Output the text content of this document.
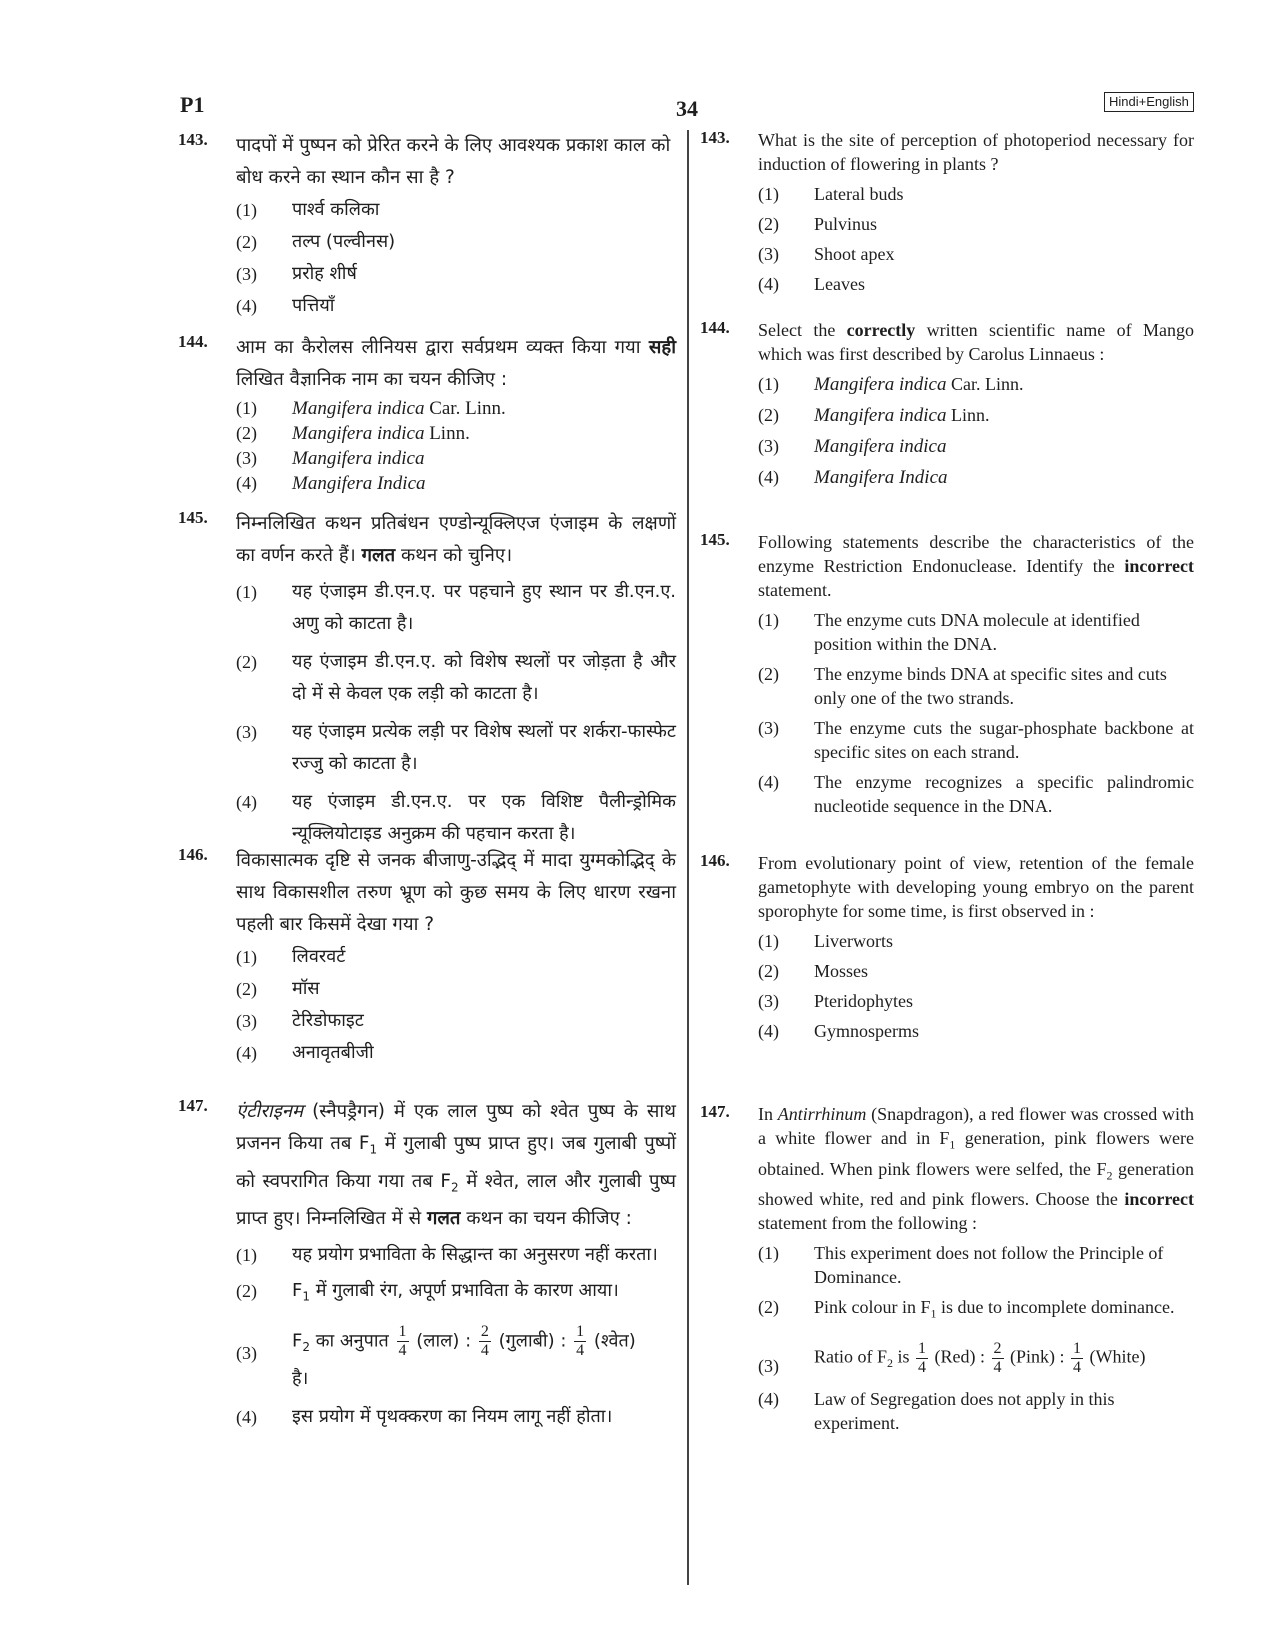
P1	34	Hindi+English
143. पादपों में पुष्पन को प्रेरित करने के लिए आवश्यक प्रकाश काल को बोध करने का स्थान कौन सा है ?
(1) पार्श्व कलिका
(2) तल्प (पल्वीनस)
(3) प्ररोह शीर्ष
(4) पत्तियाँ
144. आम का कैरोलस लीनियस द्वारा सर्वप्रथम व्यक्त किया गया सही लिखित वैज्ञानिक नाम का चयन कीजिए :
(1) Mangifera indica Car. Linn.
(2) Mangifera indica Linn.
(3) Mangifera indica
(4) Mangifera Indica
145. निम्नलिखित कथन प्रतिबंधन एण्डोन्यूक्लिएज एंजाइम के लक्षणों का वर्णन करते हैं। गलत कथन को चुनिए।
(1) यह एंजाइम डी.एन.ए. पर पहचाने हुए स्थान पर डी.एन.ए. अणु को काटता है।
(2) यह एंजाइम डी.एन.ए. को विशेष स्थलों पर जोड़ता है और दो में से केवल एक लड़ी को काटता है।
(3) यह एंजाइम प्रत्येक लड़ी पर विशेष स्थलों पर शर्करा-फास्फेट रज्जु को काटता है।
(4) यह एंजाइम डी.एन.ए. पर एक विशिष्ट पैलीन्ड्रोमिक न्यूक्लियोटाइड अनुक्रम की पहचान करता है।
146. विकासात्मक दृष्टि से जनक बीजाणु-उद्भिद् में मादा युग्मकोद्भिद् के साथ विकासशील तरुण भ्रूण को कुछ समय के लिए धारण रखना पहली बार किसमें देखा गया ?
(1) लिवरवर्ट
(2) मॉस
(3) टेरिडोफाइट
(4) अनावृतबीजी
147. एंटीराइनम (स्नैपड्रैगन) में एक लाल पुष्प को श्वेत पुष्प के साथ प्रजनन किया तब $F_1$ में गुलाबी पुष्प प्राप्त हुए। जब गुलाबी पुष्पों को स्वपरागित किया गया तब $F_2$ में श्वेत, लाल और गुलाबी पुष्प प्राप्त हुए। निम्नलिखित में से गलत कथन का चयन कीजिए :
(1) यह प्रयोग प्रभाविता के सिद्धान्त का अनुसरण नहीं करता।
(2) $F_1$ में गुलाबी रंग, अपूर्ण प्रभाविता के कारण आया।
(3)
$F_2$ का अनुपात $\frac{1}{4}$ (लाल) : $\frac{2}{4}$ (गुलाबी) : $\frac{1}{4}$ (श्वेत)
है।
(4) इस प्रयोग में पृथक्करण का नियम लागू नहीं होता।
143. What is the site of perception of photoperiod necessary for induction of flowering in plants ?
(1) Lateral buds
(2) Pulvinus
(3) Shoot apex
(4) Leaves
144. Select the correctly written scientific name of Mango which was first described by Carolus Linnaeus :
(1) Mangifera indica Car. Linn.
(2) Mangifera indica Linn.
(3) Mangifera indica
(4) Mangifera Indica
145. Following statements describe the characteristics of the enzyme Restriction Endonuclease. Identify the incorrect statement.
(1) The enzyme cuts DNA molecule at identified position within the DNA.
(2) The enzyme binds DNA at specific sites and cuts only one of the two strands.
(3) The enzyme cuts the sugar-phosphate backbone at specific sites on each strand.
(4) The enzyme recognizes a specific palindromic nucleotide sequence in the DNA.
146. From evolutionary point of view, retention of the female gametophyte with developing young embryo on the parent sporophyte for some time, is first observed in :
(1) Liverworts
(2) Mosses
(3) Pteridophytes
(4) Gymnosperms
147. In Antirrhinum (Snapdragon), a red flower was crossed with a white flower and in $F_1$ generation, pink flowers were obtained. When pink flowers were selfed, the $F_2$ generation showed white, red and pink flowers. Choose the incorrect statement from the following :
(1) This experiment does not follow the Principle of Dominance.
(2) Pink colour in $F_1$ is due to incomplete dominance.
(3) Ratio of $F_2$ is $\frac{1}{4} (Red)$ : $\frac{2}{4}$ (Pink) : $\frac{1}{4}$ (White)
(4) Law of Segregation does not apply in this experiment.
